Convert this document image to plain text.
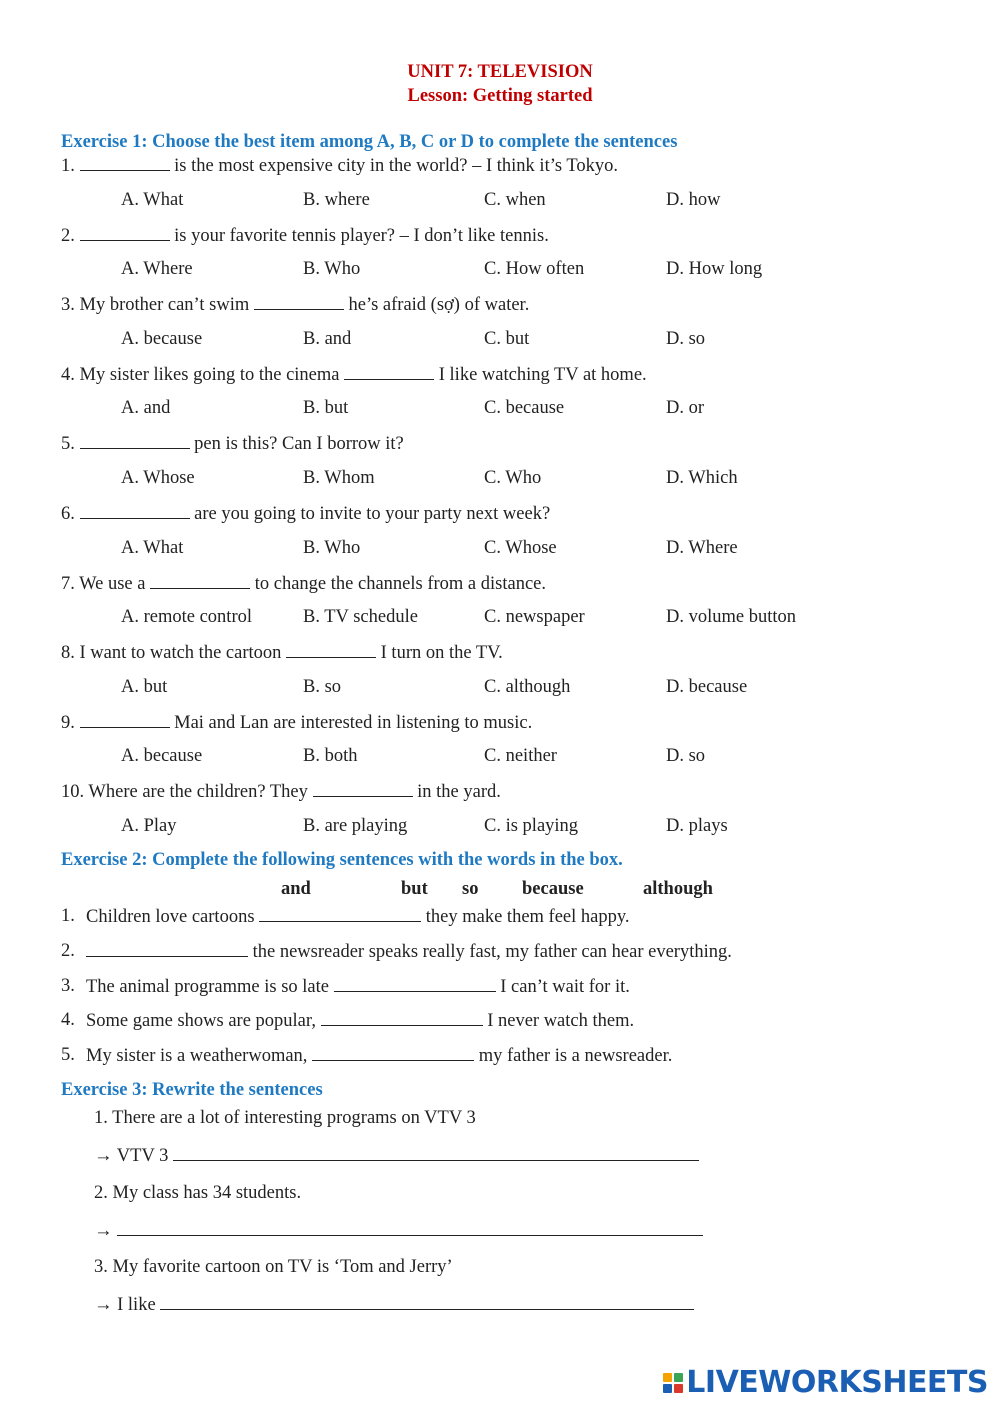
UNIT 7: TELEVISION
Lesson: Getting started
Exercise 1: Choose the best item among A, B, C or D to complete the sentences
1.	is the most expensive city in the world? – I think it’s Tokyo.
A. What	B. where	C. when	D. how
2.	is your favorite tennis player? – I don’t like tennis.
A. Where	B. Who	C. How often	D. How long
3. My brother can’t swim	he’s afraid (sợ) of water.
A. because	B. and	C. but	D. so
4. My sister likes going to the cinema	I like watching TV at home.
A. and	B. but	C. because	D. or
5.	pen is this? Can I borrow it?
A. Whose	B. Whom	C. Who	D. Which
6.	are you going to invite to your party next week?
A. What	B. Who	C. Whose	D. Where
7. We use a	to change the channels from a distance.
A. remote control	B. TV schedule	C. newspaper	D. volume button
8. I want to watch the cartoon	I turn on the TV.
A. but	B. so	C. although	D. because
9.	Mai and Lan are interested in listening to music.
A. because	B. both	C. neither	D. so
10. Where are the children? They	in the yard.
A. Play	B. are playing	C. is playing	D. plays
Exercise 2: Complete the following sentences with the words in the box.
and	but so because	although
1. Children love cartoons	they make them feel happy.
2.	the newsreader speaks really fast, my father can hear everything.
3. The animal programme is so late	I can’t wait for it.
4. Some game shows are popular,	I never watch them.
5. My sister is a weatherwoman,	my father is a newsreader.
Exercise 3: Rewrite the sentences
1. There are a lot of interesting programs on VTV 3
→ VTV 3
2. My class has 34 students.
→
3. My favorite cartoon on TV is ‘Tom and Jerry’
→ I like
LIVEWORKSHEETS
